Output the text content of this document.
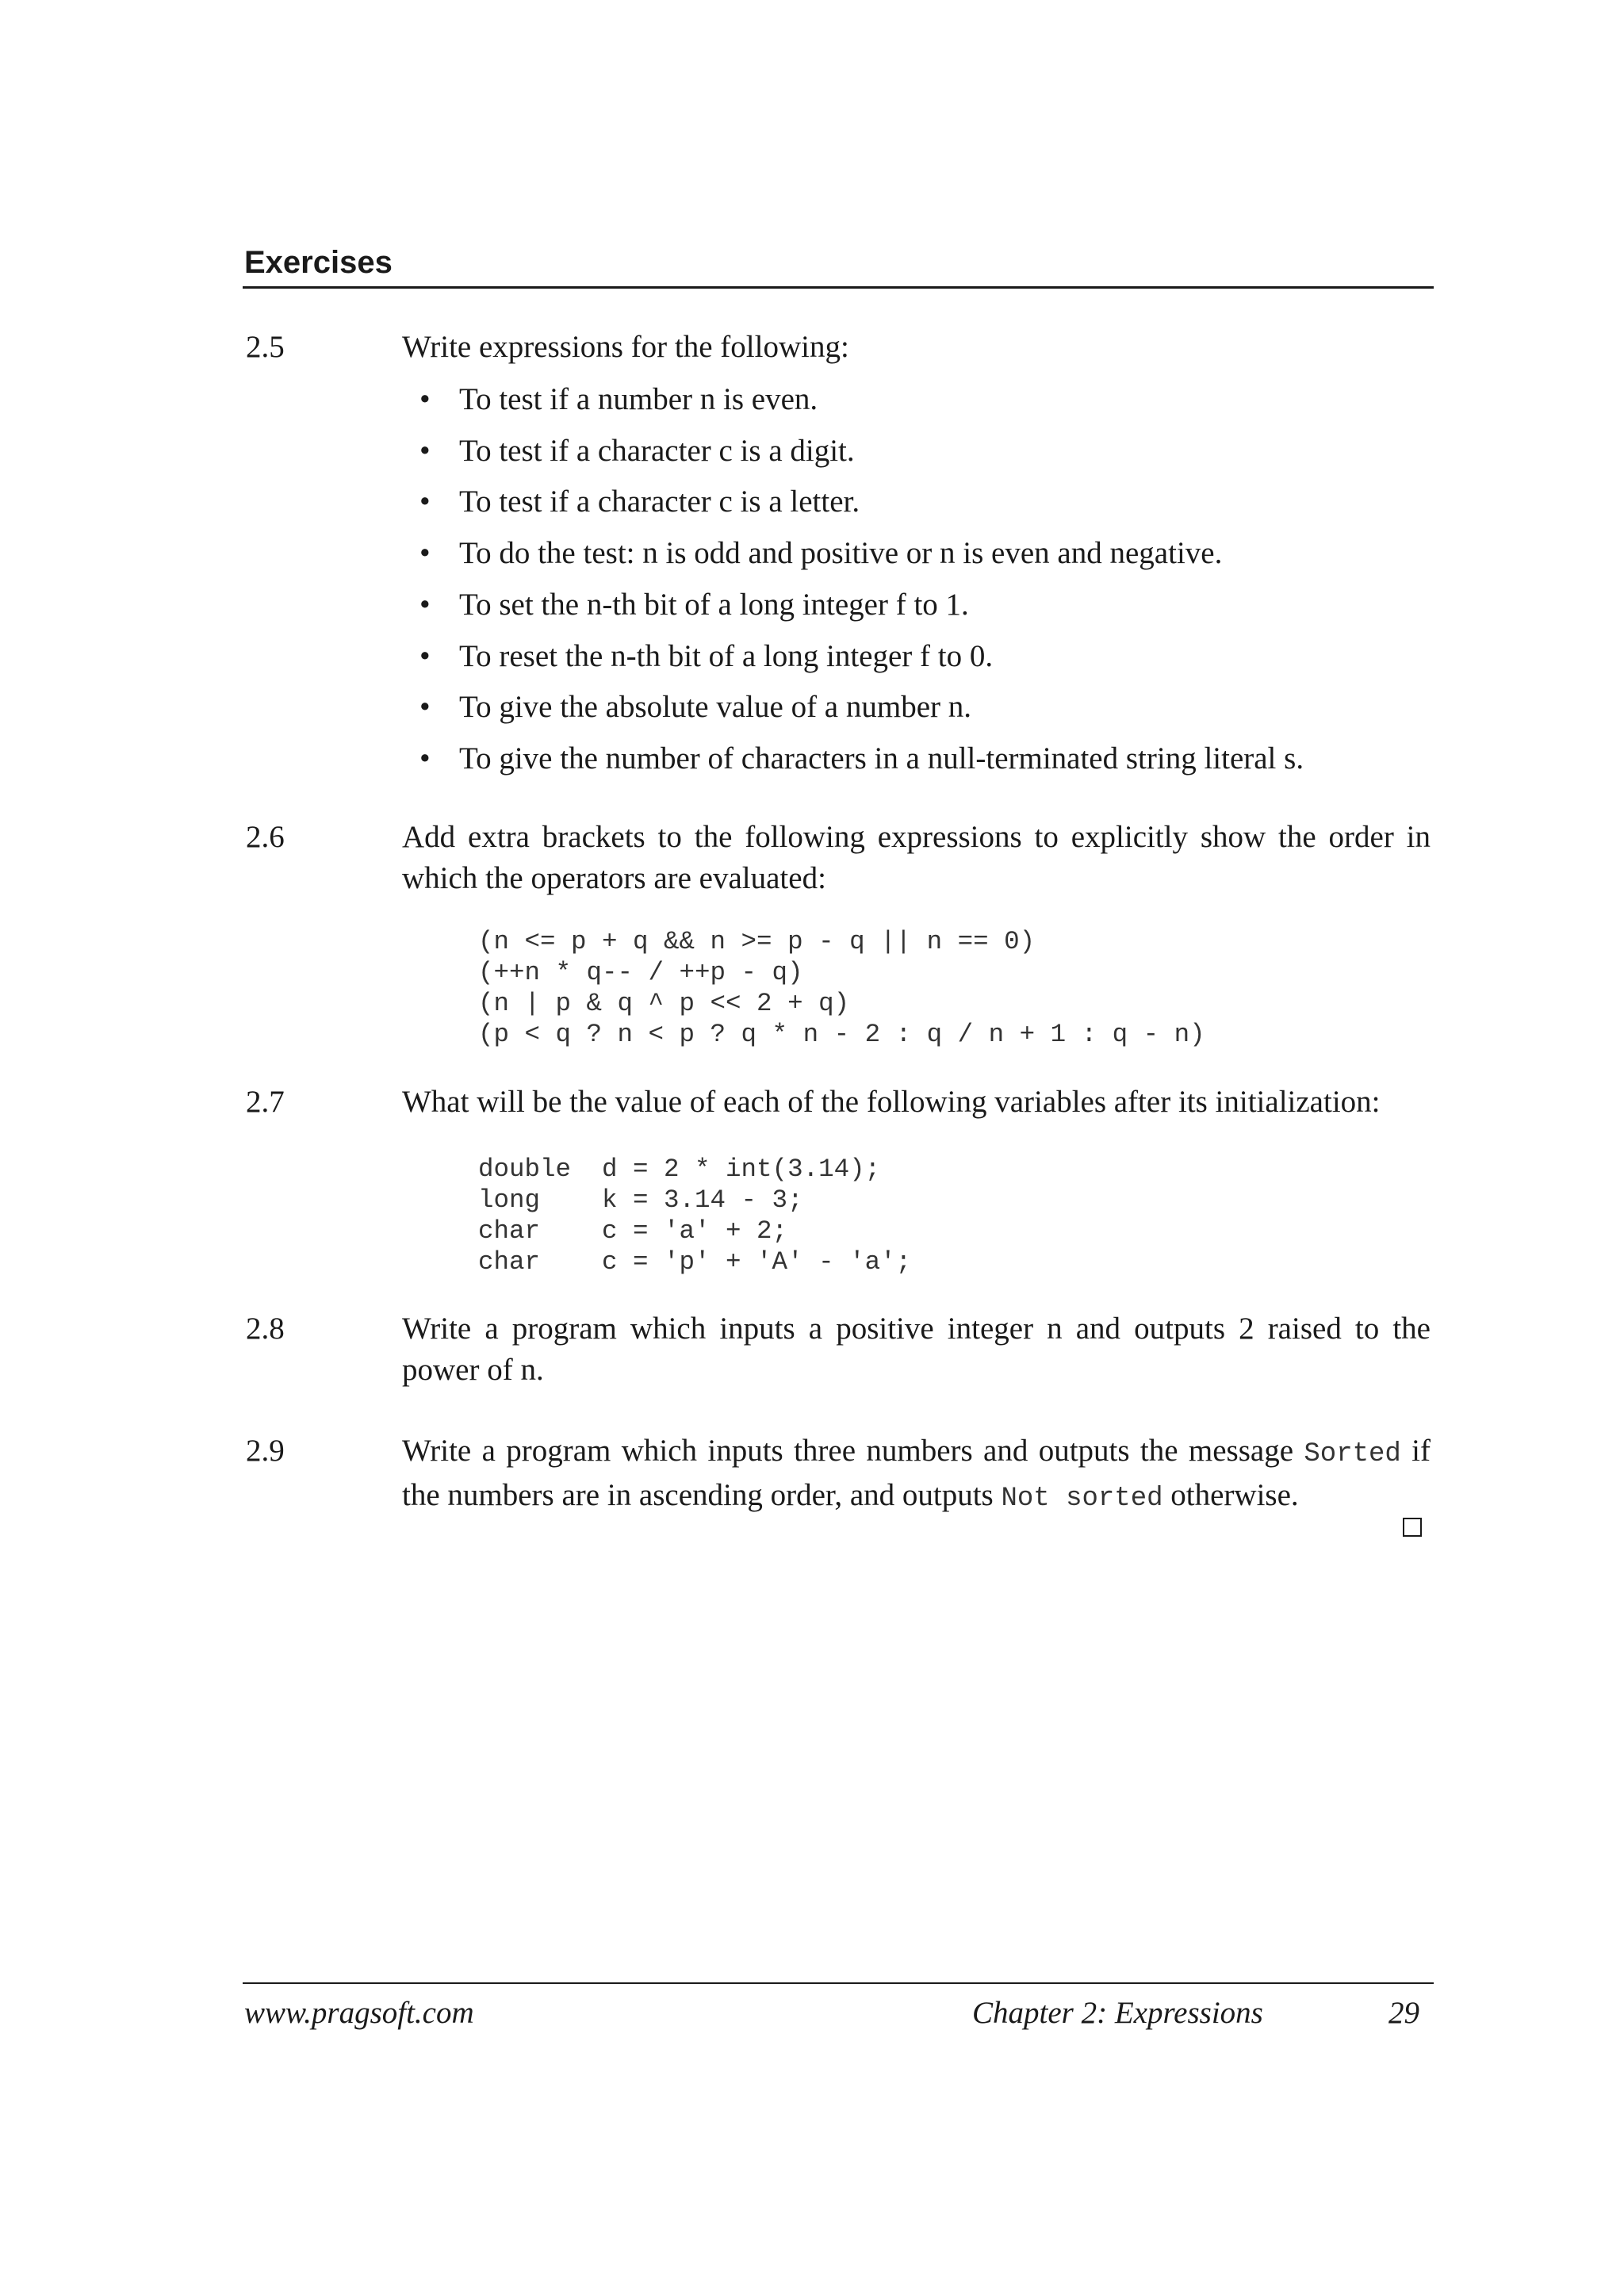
Exercises
2.5	Write expressions for the following:
• To test if a number n is even.
• To test if a character c is a digit.
• To test if a character c is a letter.
• To do the test: n is odd and positive or n is even and negative.
• To set the n-th bit of a long integer f to 1.
• To reset the n-th bit of a long integer f to 0.
• To give the absolute value of a number n.
• To give the number of characters in a null-terminated string literal s.
2.6	Add extra brackets to the following expressions to explicitly show the order in which the operators are evaluated:

(n <= p + q && n >= p - q || n == 0)
(++n * q-- / ++p - q)
(n | p & q ^ p << 2 + q)
(p < q ? n < p ? q * n - 2 : q / n + 1 : q - n)
2.7	What will be the value of each of the following variables after its initialization:
double  d = 2 * int(3.14);
long    k = 3.14 - 3;
char    c = 'a' + 2;
char    c = 'p' + 'A' - 'a';
2.8	Write a program which inputs a positive integer n and outputs 2 raised to the power of n.

2.9	Write a program which inputs three numbers and outputs the message Sorted if the numbers are in ascending order, and outputs Not sorted otherwise.

www.pragsoft.com	Chapter 2: Expressions	29
